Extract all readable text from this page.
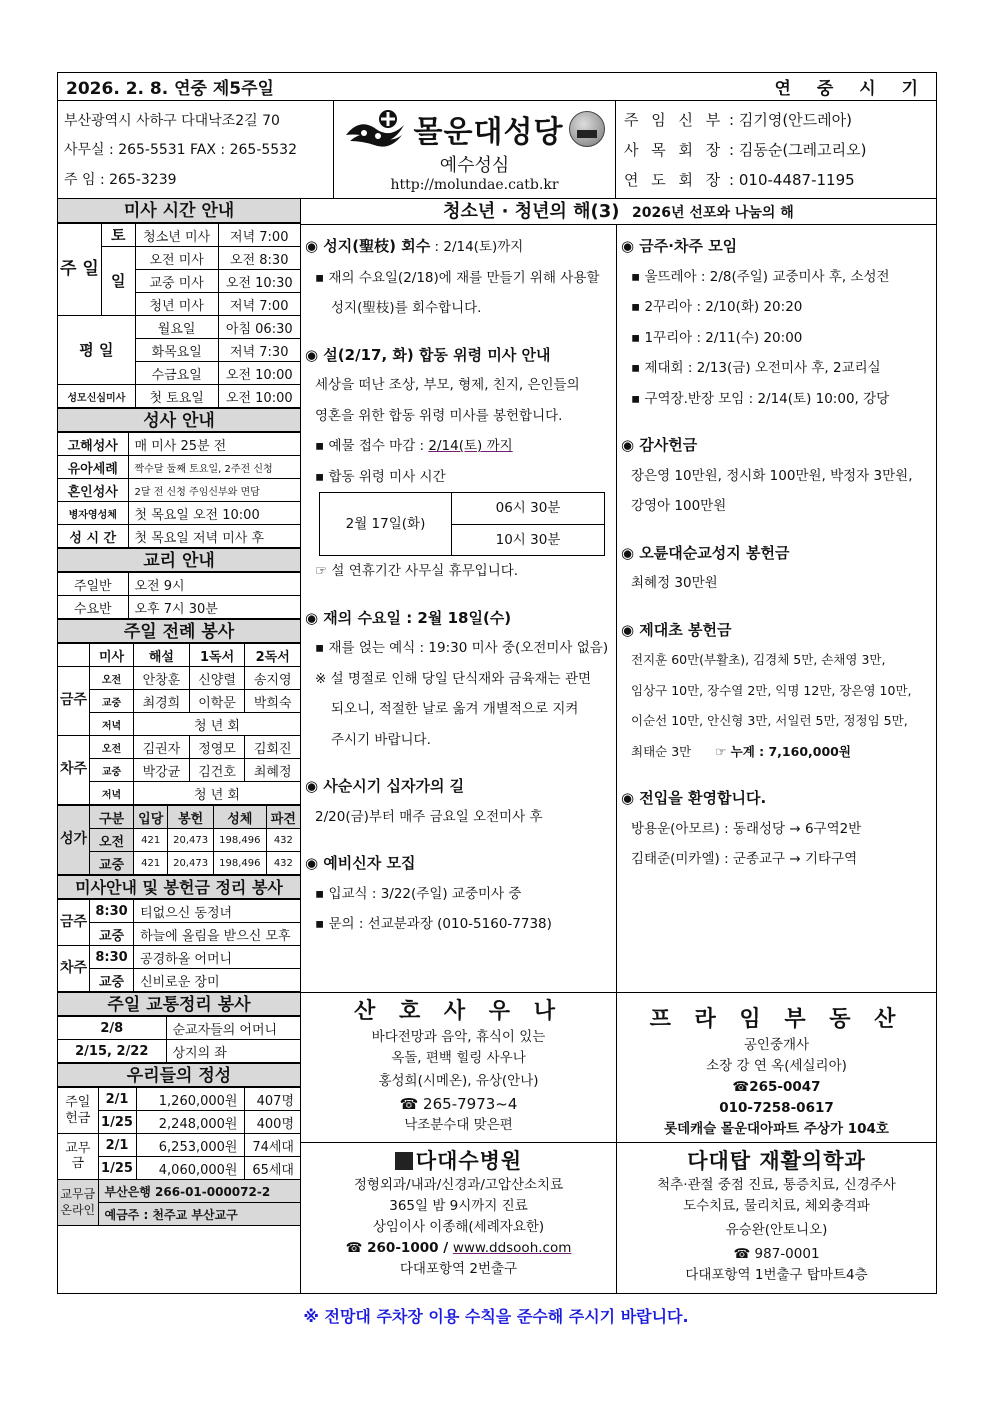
2026. 2. 8. 연중 제5주일	연 중 시 기
부산광역시 사하구 다대낙조2길 70
사무실 : 265-5531 FAX : 265-5532
주 임 : 265-3239
몰운대성당
예수성심
http://molundae.catb.kr
주 임 신 부 : 김기영(안드레아)
사 목 회 장 : 김동순(그레고리오)
연 도 회 장 : 010-4487-1195
미사 시간 안내
주 일	토	청소년 미사	저녁 7:00
	일	오전 미사	오전 8:30
		교중 미사	오전 10:30
		청년 미사	저녁 7:00
평 일		월요일	아침 06:30
		화목요일	저녁 7:30
		수금요일	오전 10:00
성모신심미사		첫 토요일	오전 10:00
성사 안내
고해성사	매 미사 25분 전
유아세례	짝수달 둘째 토요일, 2주전 신청
혼인성사	2달 전 신청 주임신부와 면담
병자영성체	첫 목요일 오전 10:00
성 시 간	첫 목요일 저녁 미사 후
교리 안내
주일반	오전 9시
수요반	오후 7시 30분
주일 전례 봉사
	미사	해설	1독서	2독서
금주	오전	안창훈	신양렬	송지영
	교중	최경희	이학문	박희숙
	저녁	청 년 회		
차주	오전	김권자	정영모	김회진
	교중	박강균	김건호	최혜정
	저녁	청 년 회		
성가	구분	입당	봉헌	성체	파견
	오전	421	20,473	198,496	432
	교중	421	20,473	198,496	432
미사안내 및 봉헌금 정리 봉사
금주	8:30	티없으신 동정녀
	교중	하늘에 올림을 받으신 모후
차주	8:30	공경하올 어머니
	교중	신비로운 장미
주일 교통정리 봉사
2/8	순교자들의 어머니
2/15, 2/22	상지의 좌
우리들의 정성
주일헌금	2/1	1,260,000원	407명
	1/25	2,248,000원	400명
교무금	2/1	6,253,000원	74세대
	1/25	4,060,000원	65세대
교무금 온라인	부산은행 266-01-000072-2		
	예금주 : 천주교 부산교구		
청소년 · 청년의 해(3) 2026년 선포와 나눔의 해
◉ 성지(聖枝) 회수 : 2/14(토)까지
▪ 재의 수요일(2/18)에 재를 만들기 위해 사용할
성지(聖枝)를 회수합니다.
◉ 설(2/17, 화) 합동 위령 미사 안내
세상을 떠난 조상, 부모, 형제, 친지, 은인들의
영혼을 위한 합동 위령 미사를 봉헌합니다.
▪ 예물 접수 마감 : 2/14(토) 까지
▪ 합동 위령 미사 시간
2월 17일(화)	06시 30분
10시 30분
☞ 설 연휴기간 사무실 휴무입니다.
◉ 재의 수요일 : 2월 18일(수)
▪ 재를 얹는 예식 : 19:30 미사 중(오전미사 없음)
※ 설 명절로 인해 당일 단식재와 금육재는 관면
되오니, 적절한 날로 옮겨 개별적으로 지켜
주시기 바랍니다.
◉ 사순시기 십자가의 길
2/20(금)부터 매주 금요일 오전미사 후
◉ 예비신자 모집
▪ 입교식 : 3/22(주일) 교중미사 중
▪ 문의 : 선교분과장 (010-5160-7738)
◉ 금주·차주 모임
▪ 울뜨레아 : 2/8(주일) 교중미사 후, 소성전
▪ 2꾸리아 : 2/10(화) 20:20
▪ 1꾸리아 : 2/11(수) 20:00
▪ 제대회 : 2/13(금) 오전미사 후, 2교리실
▪ 구역장.반장 모임 : 2/14(토) 10:00, 강당
◉ 감사헌금
장은영 10만원, 정시화 100만원, 박정자 3만원,
강영아 100만원
◉ 오륜대순교성지 봉헌금
최혜정 30만원
◉ 제대초 봉헌금
전지훈 60만(부활초), 김경체 5만, 손채영 3만,
임상구 10만, 장수열 2만, 익명 12만, 장은영 10만,
이순선 10만, 안신형 3만, 서일런 5만, 정정임 5만,
최태순 3만 ☞ 누계 : 7,160,000원
◉ 전입을 환영합니다.
방용운(아모르) : 동래성당 → 6구역2반
김태준(미카엘) : 군종교구 → 기타구역
산 호 사 우 나
바다전망과 음악, 휴식이 있는
옥돌, 편백 힐링 사우나
홍성희(시메온), 유상(안나)
☎ 265-7973~4
낙조분수대 맞은편
프 라 임 부 동 산
공인중개사
소장 강 연 옥(세실리아)
☎265-0047
010-7258-0617
롯데캐슬 몰운대아파트 주상가 104호
다대수병원
정형외과/내과/신경과/고압산소치료
365일 밤 9시까지 진료
상임이사 이종해(세례자요한)
☎ 260-1000 / www.ddsooh.com
다대포항역 2번출구
다대탑 재활의학과
척추·관절 중점 진료, 통증치료, 신경주사
도수치료, 물리치료, 체외충격파
유승완(안토니오)
☎ 987-0001
다대포항역 1번출구 탑마트4층
※ 전망대 주차장 이용 수칙을 준수해 주시기 바랍니다.
